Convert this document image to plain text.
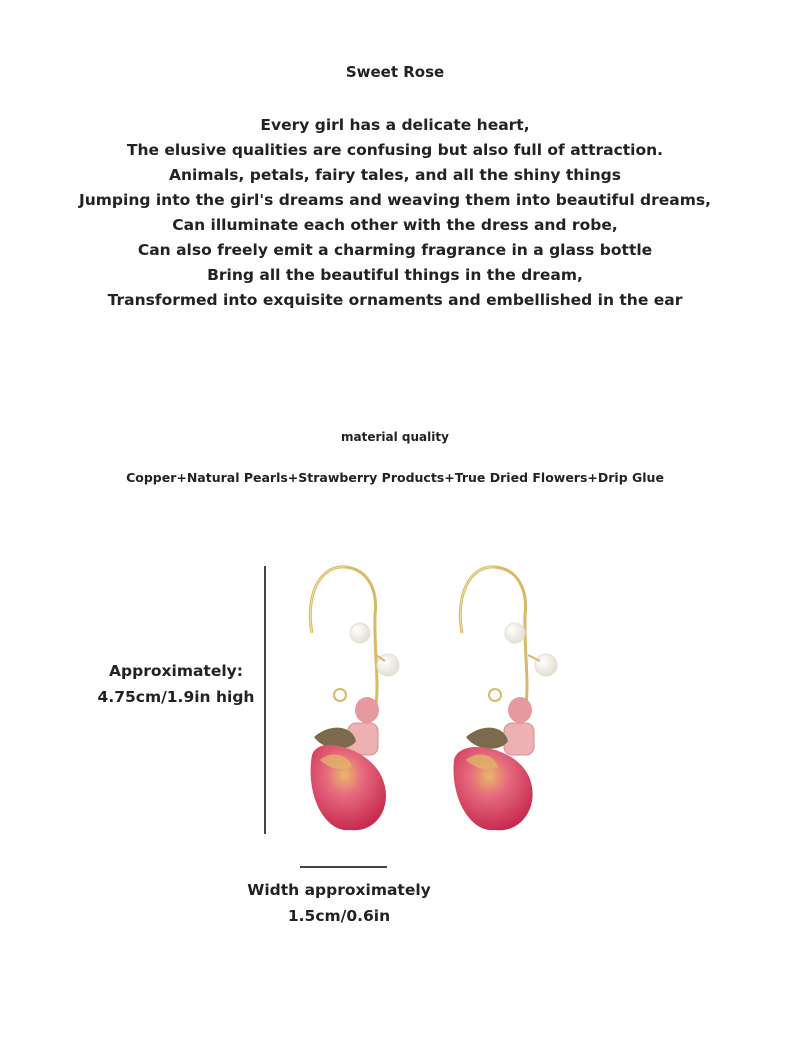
Sweet Rose
Every girl has a delicate heart,
The elusive qualities are confusing but also full of attraction.
Animals, petals, fairy tales, and all the shiny things
Jumping into the girl's dreams and weaving them into beautiful dreams,
Can illuminate each other with the dress and robe,
Can also freely emit a charming fragrance in a glass bottle
Bring all the beautiful things in the dream,
Transformed into exquisite ornaments and embellished in the ear
material quality
Copper+Natural Pearls+Strawberry Products+True Dried Flowers+Drip Glue
Approximately:
4.75cm/1.9in high
Width approximately
1.5cm/0.6in
